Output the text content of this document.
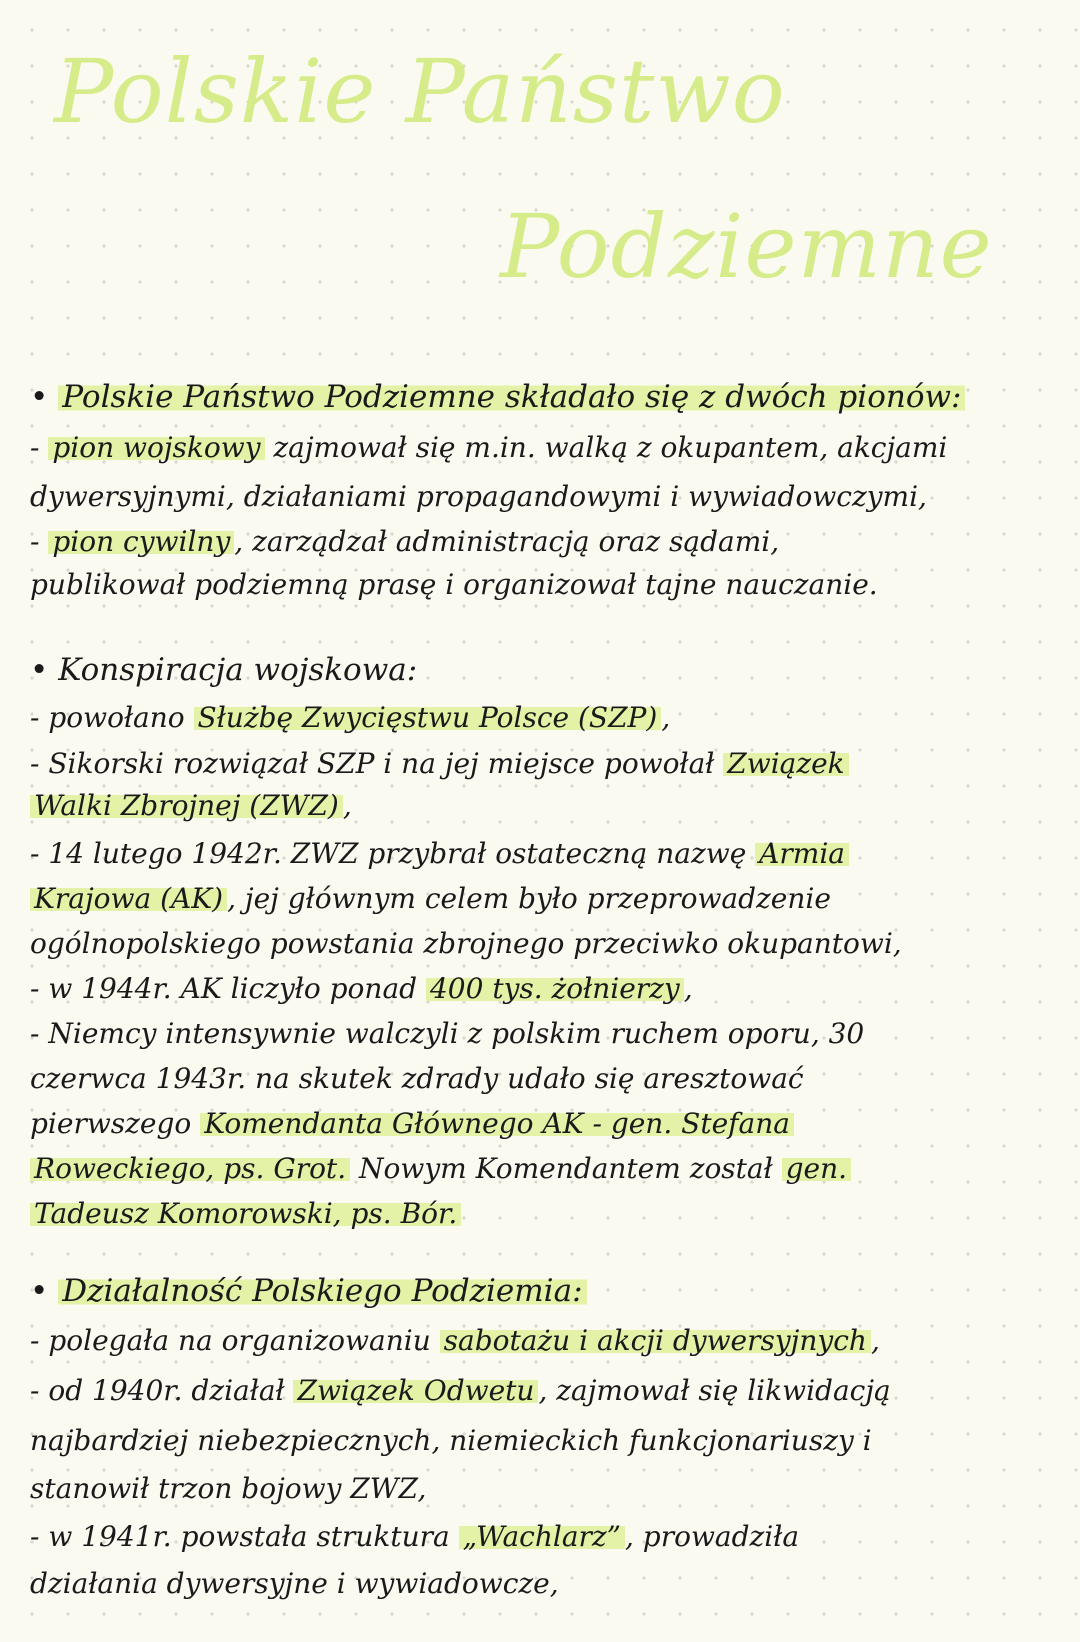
Polskie Państwo
Podziemne
• Polskie Państwo Podziemne składało się z dwóch pionów:
- pion wojskowy zajmował się m.in. walką z okupantem, akcjami
dywersyjnymi, działaniami propagandowymi i wywiadowczymi,
- pion cywilny , zarządzał administracją oraz sądami,
publikował podziemną prasę i organizował tajne nauczanie.
• Konspiracja wojskowa:
- powołano Służbę Zwycięstwu Polsce (SZP) ,
- Sikorski rozwiązał SZP i na jej miejsce powołał Związek
Walki Zbrojnej (ZWZ) ,
- 14 lutego 1942r. ZWZ przybrał ostateczną nazwę Armia
Krajowa (AK) , jej głównym celem było przeprowadzenie
ogólnopolskiego powstania zbrojnego przeciwko okupantowi,
- w 1944r. AK liczyło ponad 400 tys. żołnierzy ,
- Niemcy intensywnie walczyli z polskim ruchem oporu, 30
czerwca 1943r. na skutek zdrady udało się aresztować
pierwszego Komendanta Głównego AK - gen. Stefana
Roweckiego, ps. Grot. Nowym Komendantem został gen.
Tadeusz Komorowski, ps. Bór.
• Działalność Polskiego Podziemia:
- polegała na organizowaniu sabotażu i akcji dywersyjnych ,
- od 1940r. działał Związek Odwetu , zajmował się likwidacją
najbardziej niebezpiecznych, niemieckich funkcjonariuszy i
stanowił trzon bojowy ZWZ,
- w 1941r. powstała struktura „Wachlarz” , prowadziła
działania dywersyjne i wywiadowcze,
